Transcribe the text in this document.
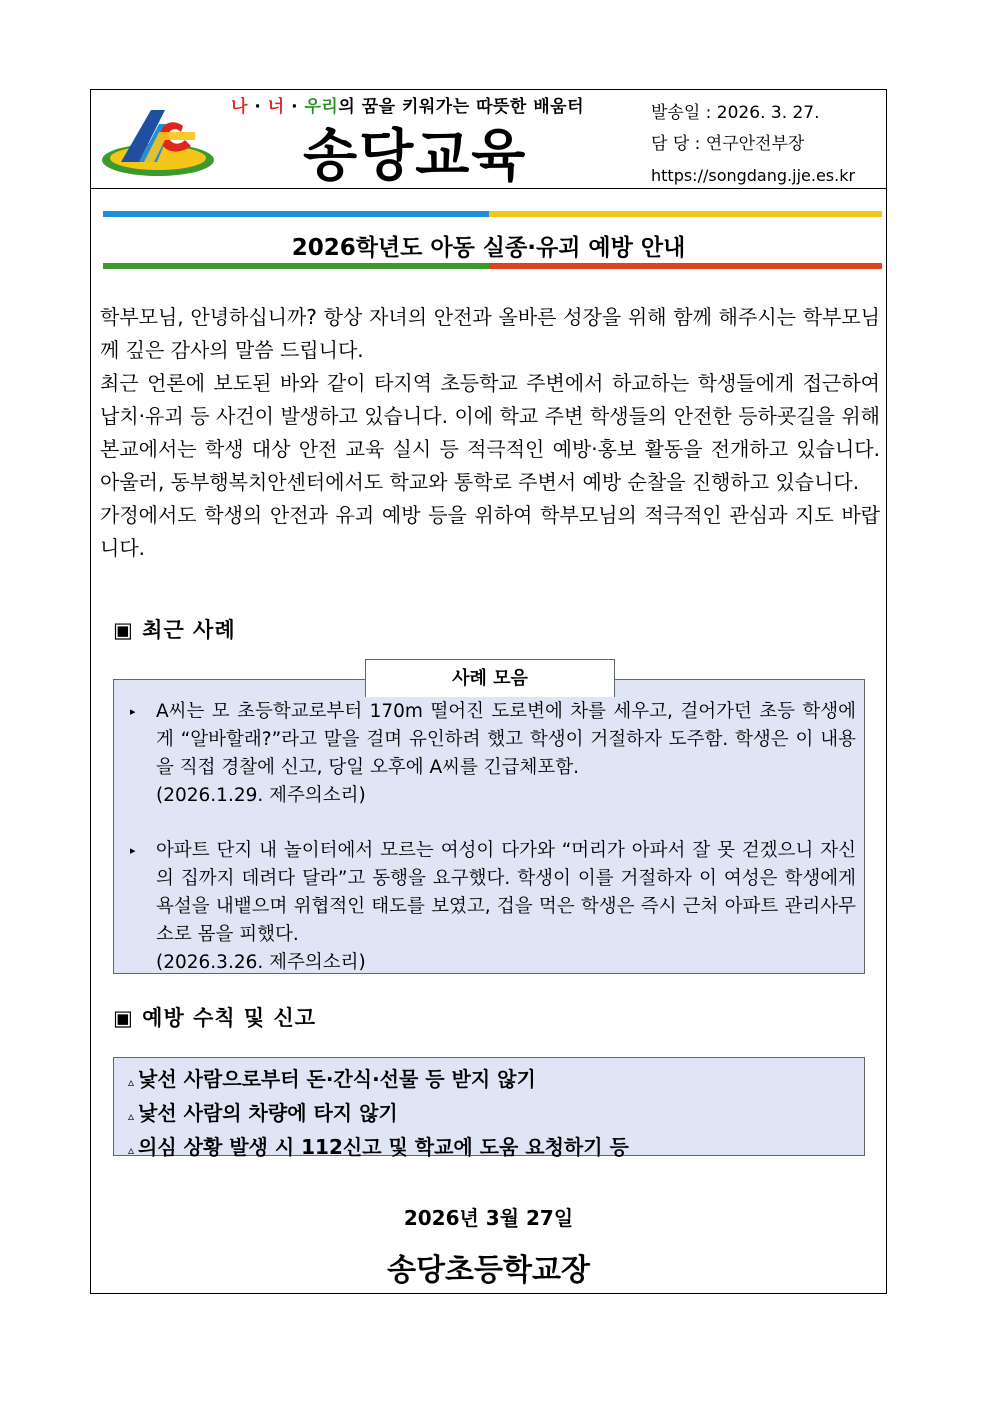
나 · 너 · 우리의 꿈을 키워가는 따뜻한 배움터
송당교육
발송일 : 2026. 3. 27.
담 당 : 연구안전부장
https://songdang.jje.es.kr
2026학년도 아동 실종·유괴 예방 안내

학부모님, 안녕하십니까? 항상 자녀의 안전과 올바른 성장을 위해 함께 해주시는 학부모님께 깊은 감사의 말씀 드립니다.

최근 언론에 보도된 바와 같이 타지역 초등학교 주변에서 하교하는 학생들에게 접근하여 납치·유괴 등 사건이 발생하고 있습니다. 이에 학교 주변 학생들의 안전한 등하굣길을 위해 본교에서는 학생 대상 안전 교육 실시 등 적극적인 예방·홍보 활동을 전개하고 있습니다. 아울러, 동부행복치안센터에서도 학교와 통학로 주변서 예방 순찰을 진행하고 있습니다.

가정에서도 학생의 안전과 유괴 예방 등을 위하여 학부모님의 적극적인 관심과 지도 바랍니다.

▣ 최근 사례
▸ A씨는 모 초등학교로부터 170m 떨어진 도로변에 차를 세우고, 걸어가던 초등 학생에게 “알바할래?”라고 말을 걸며 유인하려 했고 학생이 거절하자 도주함. 학생은 이 내용을 직접 경찰에 신고, 당일 오후에 A씨를 긴급체포함.
(2026.1.29. 제주의소리)
▸ 아파트 단지 내 놀이터에서 모르는 여성이 다가와 “머리가 아파서 잘 못 걷겠으니 자신의 집까지 데려다 달라”고 동행을 요구했다. 학생이 이를 거절하자 이 여성은 학생에게 욕설을 내뱉으며 위협적인 태도를 보였고, 겁을 먹은 학생은 즉시 근처 아파트 관리사무소로 몸을 피했다.
(2026.3.26. 제주의소리)
사례 모음
▣ 예방 수칙 및 신고
▵ 낯선 사람으로부터 돈·간식·선물 등 받지 않기
▵ 낯선 사람의 차량에 타지 않기
▵ 의심 상황 발생 시 112신고 및 학교에 도움 요청하기 등
2026년 3월 27일
송당초등학교장
